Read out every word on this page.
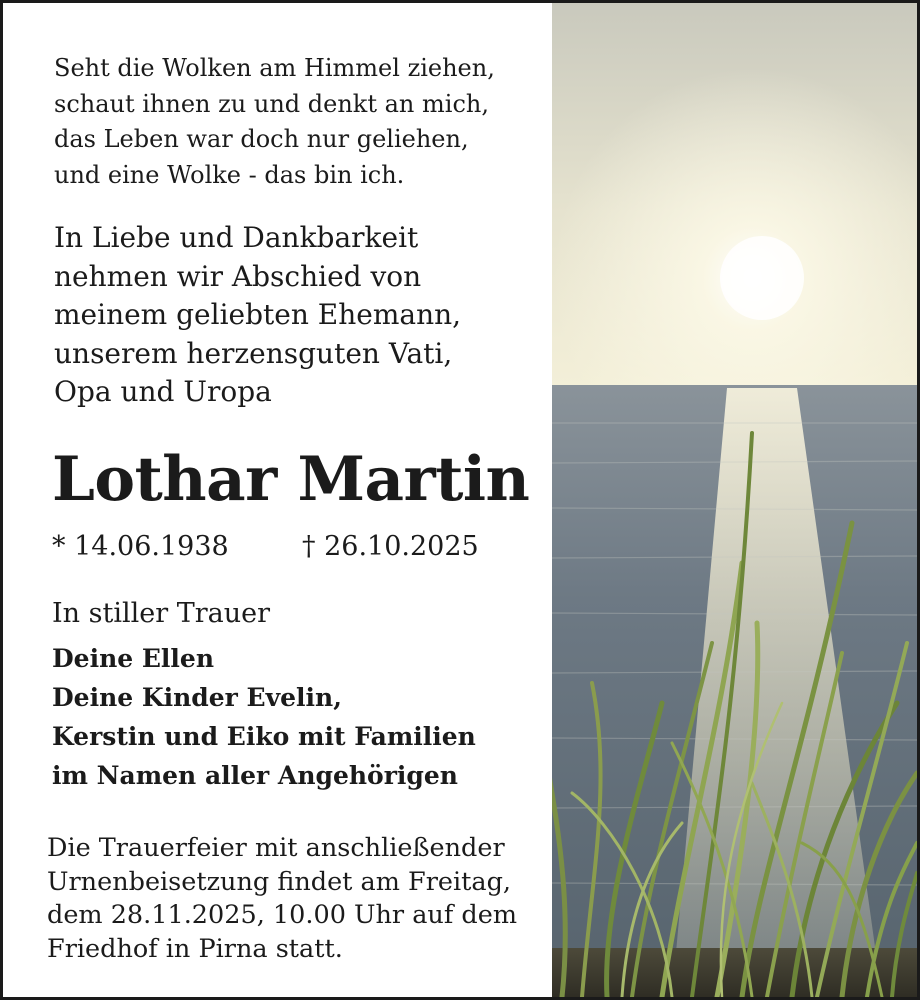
Seht die Wolken am Himmel ziehen,
schaut ihnen zu und denkt an mich,
das Leben war doch nur geliehen,
und eine Wolke - das bin ich.
In Liebe und Dankbarkeit
nehmen wir Abschied von
meinem geliebten Ehemann,
unserem herzensguten Vati,
Opa und Uropa
Lothar Martin
* 14.06.1938	† 26.10.2025
In stiller Trauer
Deine Ellen
Deine Kinder Evelin,
Kerstin und Eiko mit Familien
im Namen aller Angehörigen
Die Trauerfeier mit anschließender
Urnenbeisetzung findet am Freitag,
dem 28.11.2025, 10.00 Uhr auf dem
Friedhof in Pirna statt.
